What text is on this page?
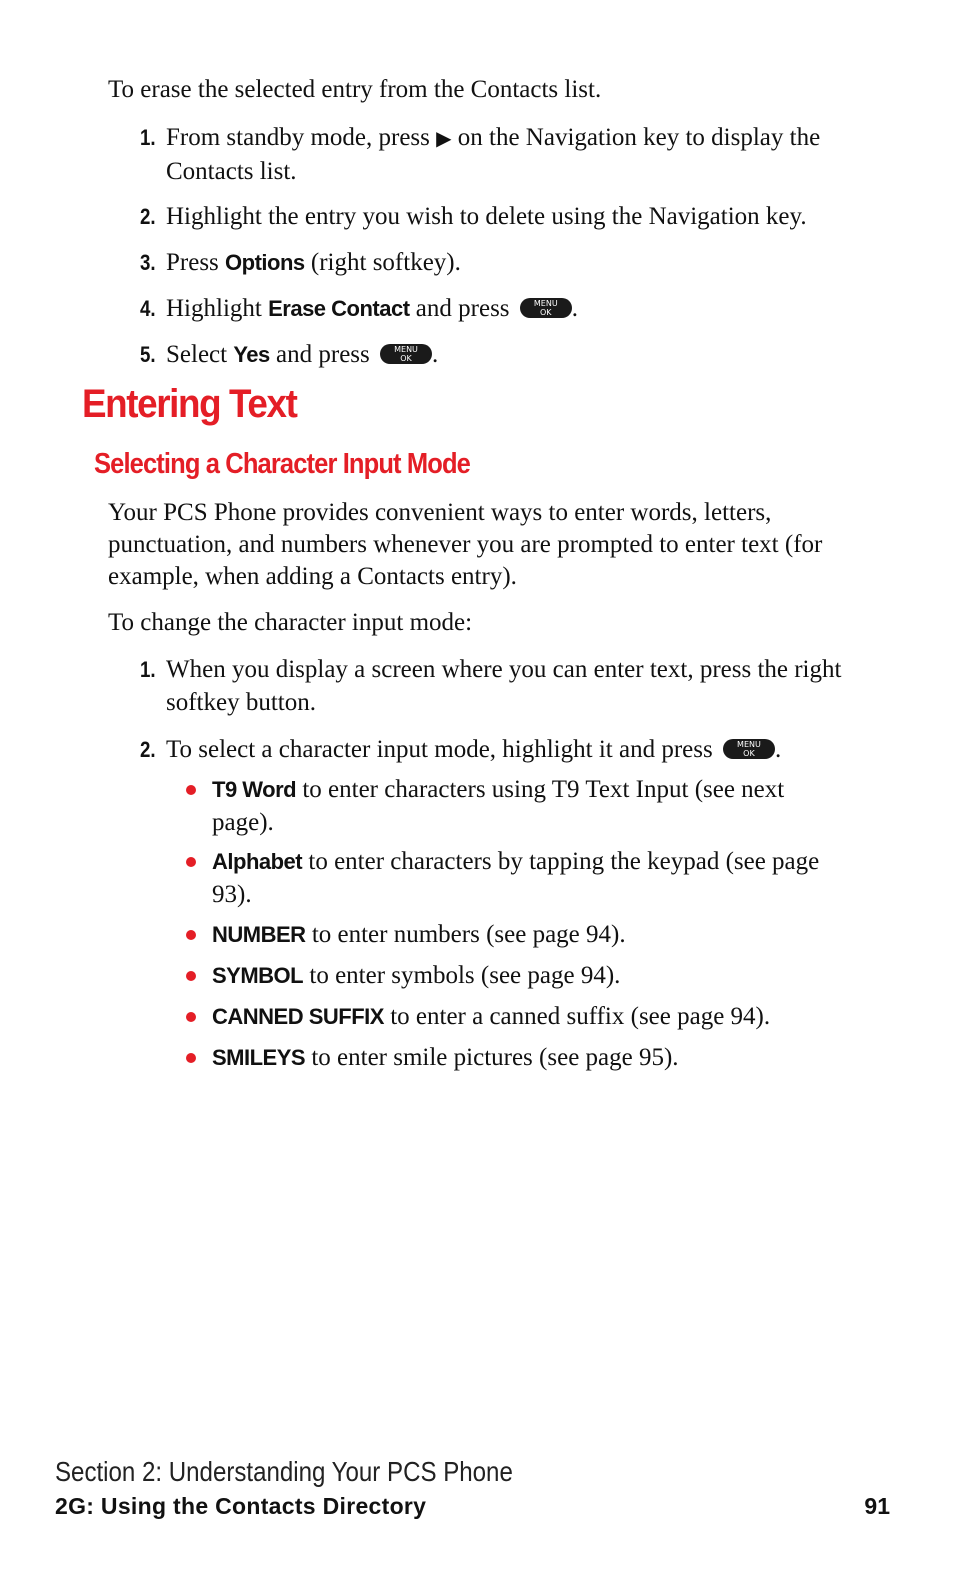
To erase the selected entry from the Contacts list.

1. From standby mode, press ▶ on the Navigation key to display the Contacts list.
2. Highlight the entry you wish to delete using the Navigation key.
3. Press Options (right softkey).
4. Highlight Erase Contact and press	MENU
OK .
5. Select Yes and press	MENU
OK .
Entering Text
Selecting a Character Input Mode

Your PCS Phone provides convenient ways to enter words, letters, punctuation, and numbers whenever you are prompted to enter text (for example, when adding a Contacts entry).

To change the character input mode:

1. When you display a screen where you can enter text, press the right softkey button.
2. To select a character input mode, highlight it and press	MENU
OK .
T9 Word to enter characters using T9 Text Input (see next page).
Alphabet to enter characters by tapping the keypad (see page 93).
NUMBER to enter numbers (see page 94).
SYMBOL to enter symbols (see page 94).
CANNED SUFFIX to enter a canned suffix (see page 94).
SMILEYS to enter smile pictures (see page 95).
Section 2: Understanding Your PCS Phone
2G: Using the Contacts Directory	91
